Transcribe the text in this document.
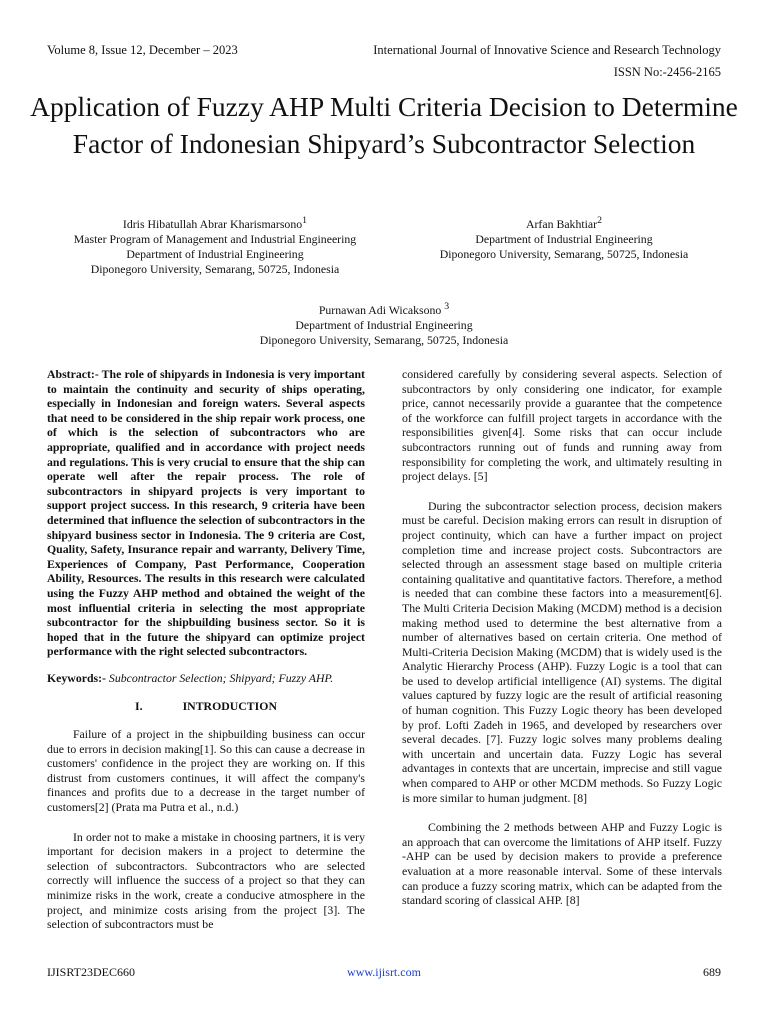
Volume 8, Issue 12, December – 2023	International Journal of Innovative Science and Research Technology
ISSN No:-2456-2165
Application of Fuzzy AHP Multi Criteria Decision to Determine Factor of Indonesian Shipyard’s Subcontractor Selection
Idris Hibatullah Abrar Kharismarsono$^1$
Master Program of Management and Industrial Engineering
Department of Industrial Engineering
Diponegoro University, Semarang, 50725, Indonesia
Arfan Bakhtiar$^2$
Department of Industrial Engineering
Diponegoro University, Semarang, 50725, Indonesia
Purnawan Adi Wicaksono $^3$
Department of Industrial Engineering
Diponegoro University, Semarang, 50725, Indonesia

Abstract:- The role of shipyards in Indonesia is very important to maintain the continuity and security of ships operating, especially in Indonesian and foreign waters. Several aspects that need to be considered in the ship repair work process, one of which is the selection of subcontractors who are appropriate, qualified and in accordance with project needs and regulations. This is very crucial to ensure that the ship can operate well after the repair process. The role of subcontractors in shipyard projects is very important to support project success. In this research, 9 criteria have been determined that influence the selection of subcontractors in the shipyard business sector in Indonesia. The 9 criteria are Cost, Quality, Safety, Insurance repair and warranty, Delivery Time, Experiences of Company, Past Performance, Cooperation Ability, Resources. The results in this research were calculated using the Fuzzy AHP method and obtained the weight of the most influential criteria in selecting the most appropriate subcontractor for the shipbuilding business sector. So it is hoped that in the future the shipyard can optimize project performance with the right selected subcontractors.

Keywords:- Subcontractor Selection; Shipyard; Fuzzy AHP.

I.	INTRODUCTION

Failure of a project in the shipbuilding business can occur due to errors in decision making[1]. So this can cause a decrease in customers' confidence in the project they are working on. If this distrust from customers continues, it will affect the company's finances and profits due to a decrease in the target number of customers[2] (Prata ma Putra et al., n.d.)

In order not to make a mistake in choosing partners, it is very important for decision makers in a project to determine the selection of subcontractors. Subcontractors who are selected correctly will influence the success of a project so that they can minimize risks in the work, create a conducive atmosphere in the project, and minimize costs arising from the project [3]. The selection of subcontractors must be

considered carefully by considering several aspects. Selection of subcontractors by only considering one indicator, for example price, cannot necessarily provide a guarantee that the competence of the workforce can fulfill project targets in accordance with the responsibilities given[4]. Some risks that can occur include subcontractors running out of funds and running away from responsibility for completing the work, and ultimately resulting in project delays. [5]

During the subcontractor selection process, decision makers must be careful. Decision making errors can result in disruption of project continuity, which can have a further impact on project completion time and increase project costs. Subcontractors are selected through an assessment stage based on multiple criteria containing qualitative and quantitative factors. Therefore, a method is needed that can combine these factors into a measurement[6]. The Multi Criteria Decision Making (MCDM) method is a decision making method used to determine the best alternative from a number of alternatives based on certain criteria. One method of Multi-Criteria Decision Making (MCDM) that is widely used is the Analytic Hierarchy Process (AHP). Fuzzy Logic is a tool that can be used to develop artificial intelligence (AI) systems. The digital values captured by fuzzy logic are the result of artificial reasoning of human cognition. This Fuzzy Logic theory has been developed by prof. Lofti Zadeh in 1965, and developed by researchers over several decades. [7]. Fuzzy logic solves many problems dealing with uncertain and uncertain data. Fuzzy Logic has several advantages in contexts that are uncertain, imprecise and still vague when compared to AHP or other MCDM methods. So Fuzzy Logic is more similar to human judgment. [8]

Combining the 2 methods between AHP and Fuzzy Logic is an approach that can overcome the limitations of AHP itself. Fuzzy -AHP can be used by decision makers to provide a preference evaluation at a more reasonable interval. Some of these intervals can produce a fuzzy scoring matrix, which can be adapted from the standard scoring of classical AHP. [8]

IJISRT23DEC660	www.ijisrt.com	689
